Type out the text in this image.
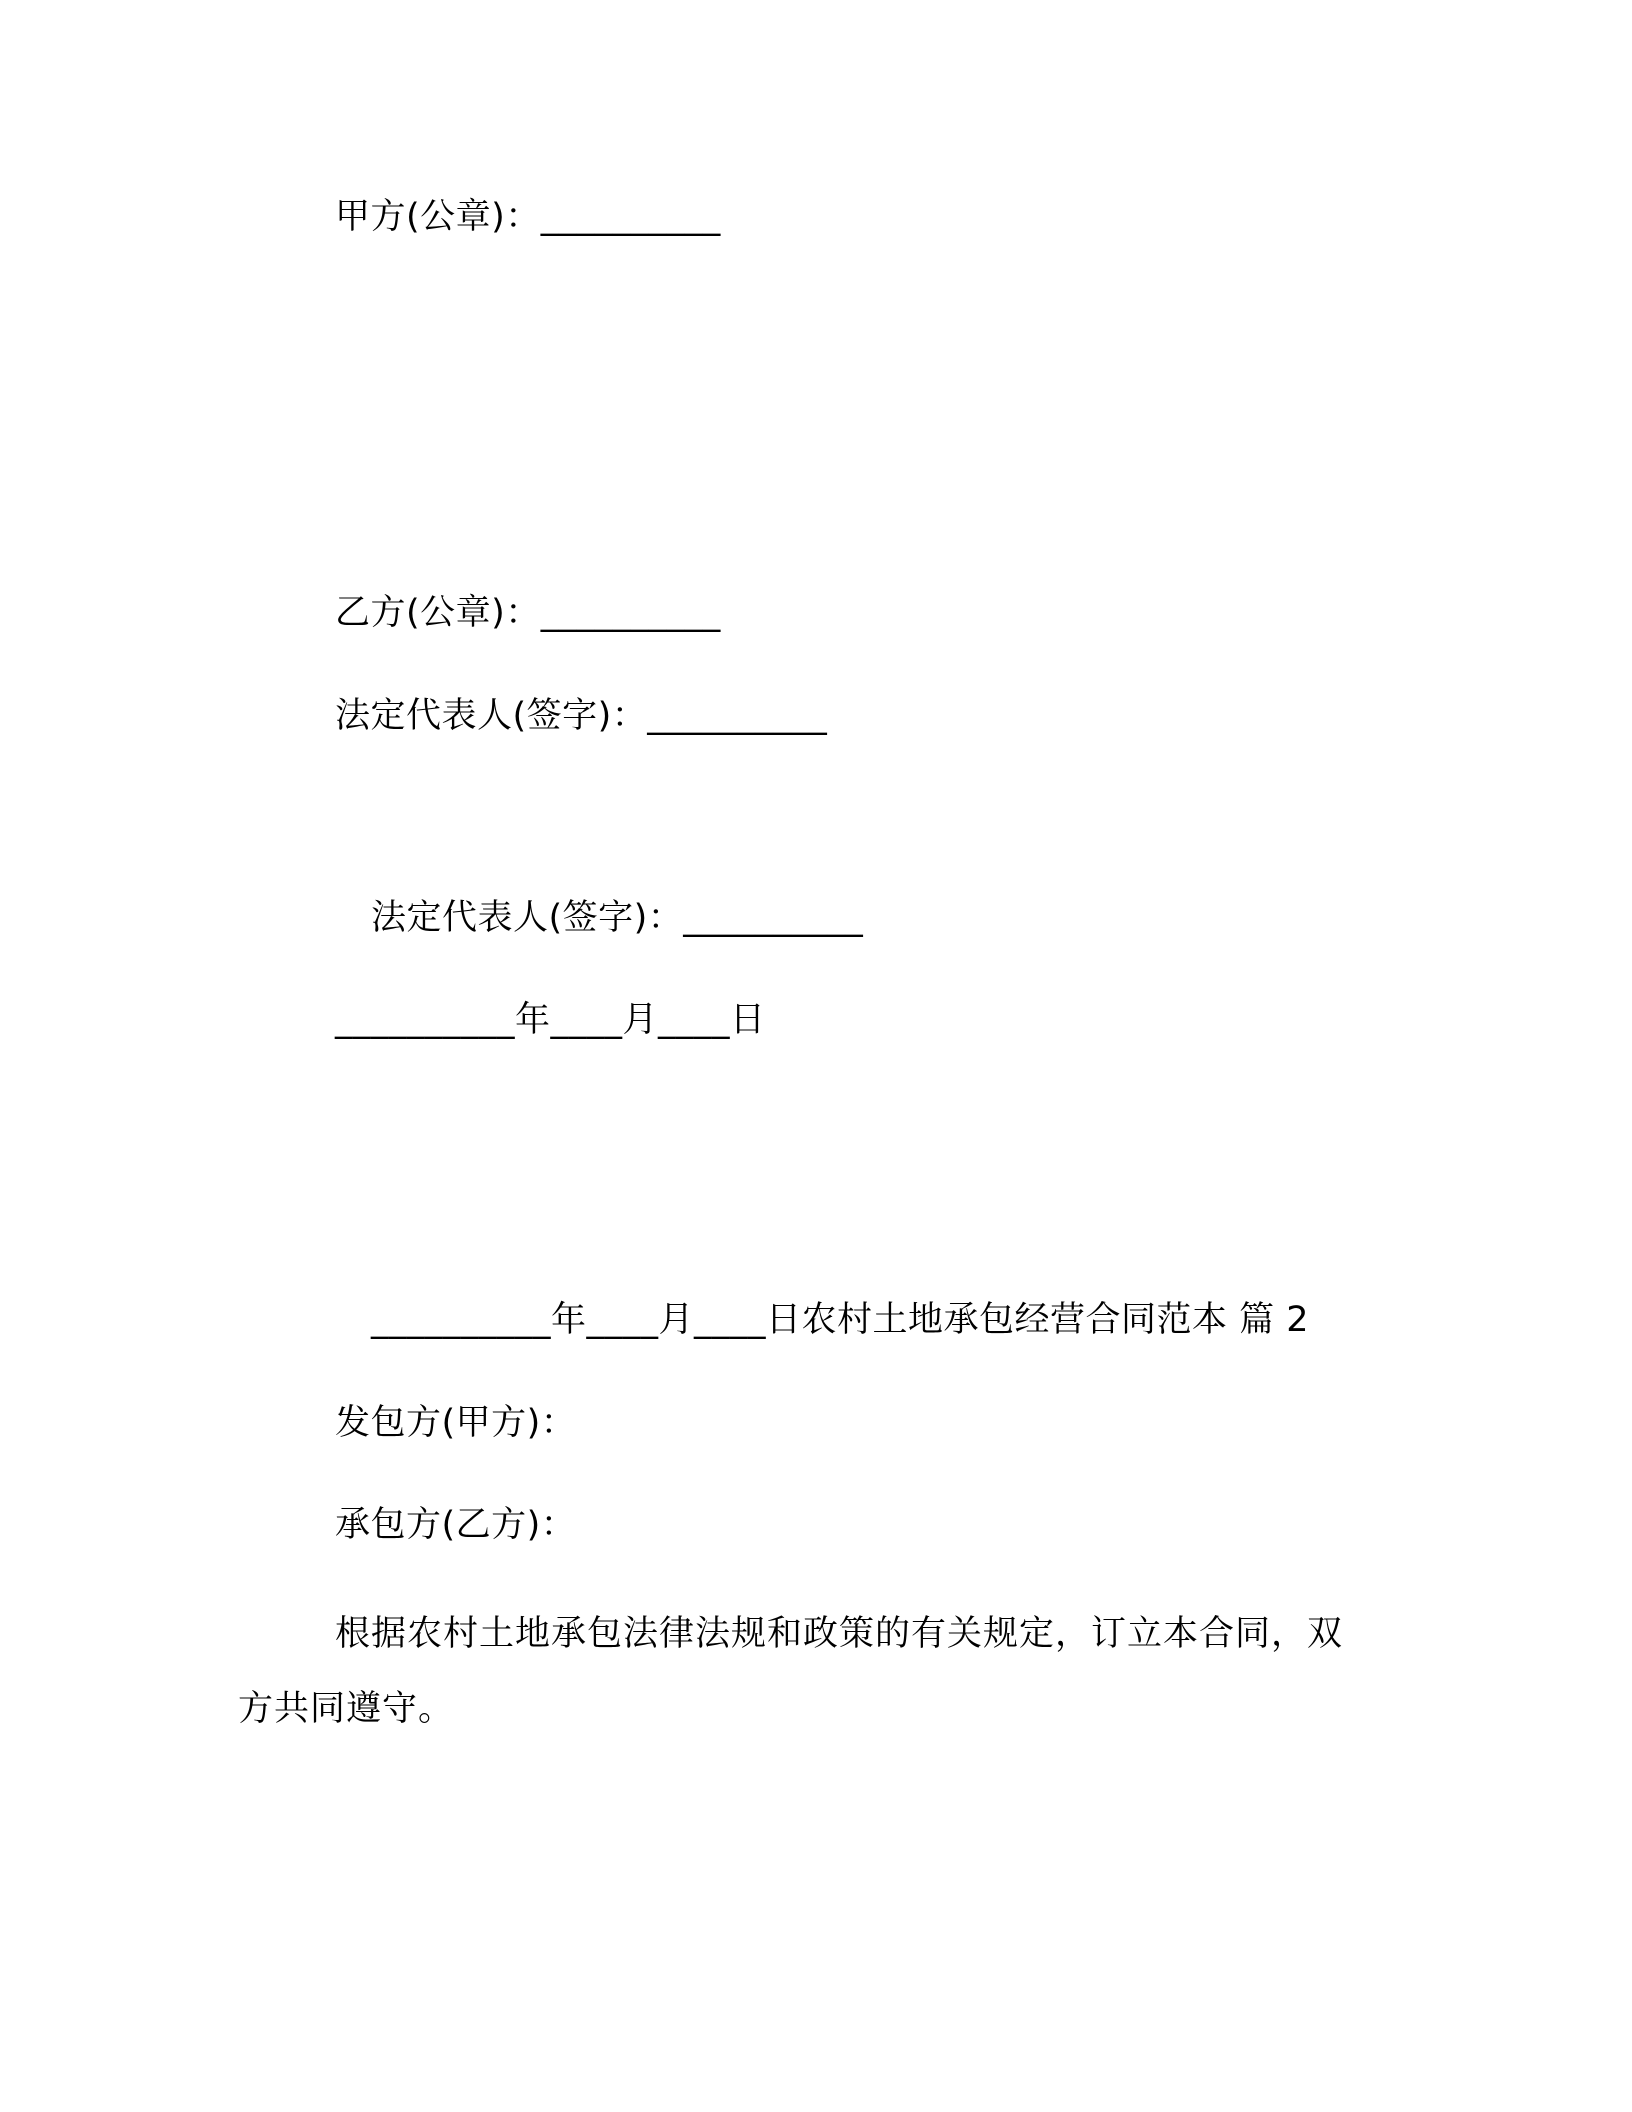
甲方(公章)：__________
乙方(公章)：__________
法定代表人(签字)：__________
法定代表人(签字)：__________
__________年____月____日
__________年____月____日农村土地承包经营合同范本 篇 2
发包方(甲方)：
承包方(乙方)：
根据农村土地承包法律法规和政策的有关规定，订立本合同，双方共同遵守。
